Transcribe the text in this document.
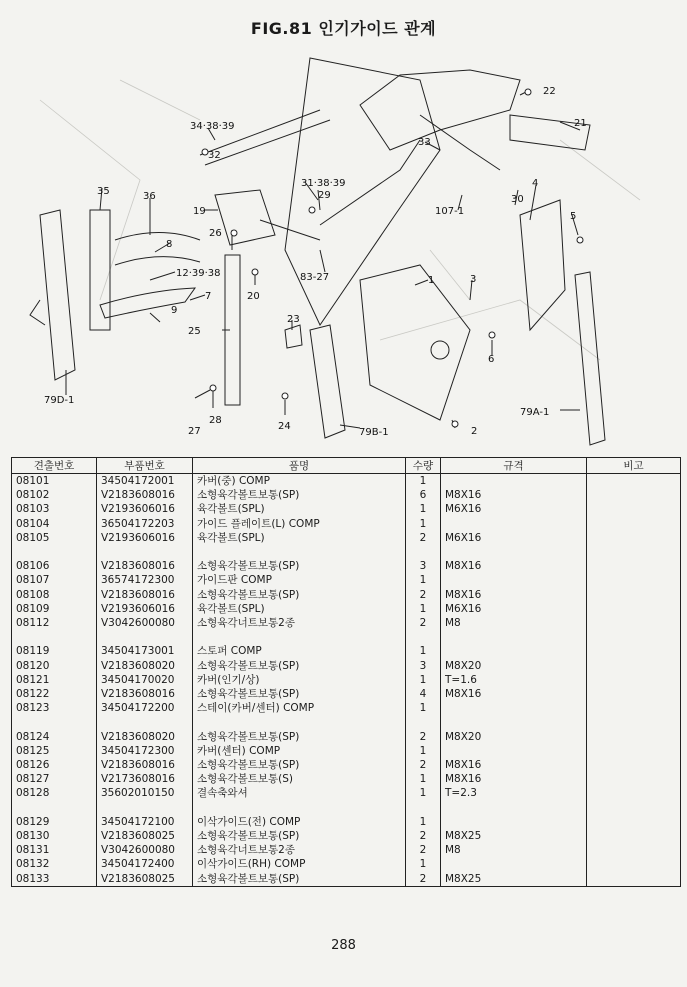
FIG.81 인기가이드 관계
22
21
34·38·39
33
32
35	36
8
12·39·38
7
9
19
26
31·38·39
29
107-1
30
4
5
20
83-27	3
1
25
23
6
79D-1
27
28
24
79B-1	2
79A-1
견출번호	부품번호	품명	수량	규격	비고
08101	34504172001	카버(중) COMP	1		
08102	V2183608016	소형육각볼트보통(SP)	6	M8X16	
08103	V2193606016	육각볼트(SPL)	1	M6X16	
08104	36504172203	가이드 플레이트(L) COMP	1		
08105	V2193606016	육각볼트(SPL)	2	M6X16	

08106	V2183608016	소형육각볼트보통(SP)	3	M8X16	
08107	36574172300	가이드판 COMP	1		
08108	V2183608016	소형육각볼트보통(SP)	2	M8X16	
08109	V2193606016	육각볼트(SPL)	1	M6X16	
08112	V3042600080	소형육각너트보통2종	2	M8	

08119	34504173001	스토퍼 COMP	1		
08120	V2183608020	소형육각볼트보통(SP)	3	M8X20	
08121	34504170020	카버(인기/상)	1	T=1.6	
08122	V2183608016	소형육각볼트보통(SP)	4	M8X16	
08123	34504172200	스테이(카버/센터) COMP	1		

08124	V2183608020	소형육각볼트보통(SP)	2	M8X20	
08125	34504172300	카버(센터) COMP	1		
08126	V2183608016	소형육각볼트보통(SP)	2	M8X16	
08127	V2173608016	소형육각볼트보통(S)	1	M8X16	
08128	35602010150	결속축와셔	1	T=2.3	

08129	34504172100	이삭가이드(전) COMP	1		
08130	V2183608025	소형육각볼트보통(SP)	2	M8X25	
08131	V3042600080	소형육각너트보통2종	2	M8	
08132	34504172400	이삭가이드(RH) COMP	1		
08133	V2183608025	소형육각볼트보통(SP)	2	M8X25	
288
